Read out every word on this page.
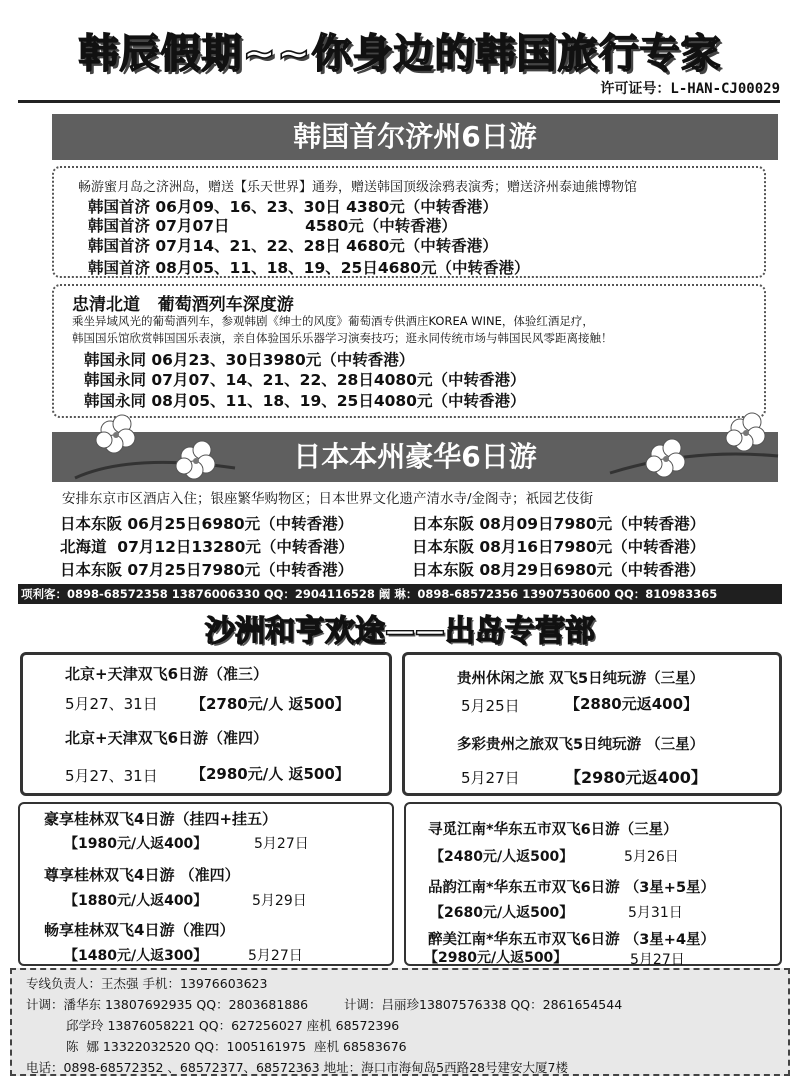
韩辰假期~~你身边的韩国旅行专家
许可证号：L-HAN-CJ00029
韩国首尔济州6日游
畅游蜜月岛之济洲岛，赠送【乐天世界】通券，赠送韩国顶级涂鸦表演秀；赠送济州泰迪熊博物馆
韩国首济 06月09、16、23、30日 4380元（中转香港）
韩国首济 07月07日              4580元（中转香港）
韩国首济 07月14、21、22、28日 4680元（中转香港）
韩国首济 08月05、11、18、19、25日4680元（中转香港）
忠清北道   葡萄酒列车深度游
乘坐异域风光的葡萄酒列车，参观韩剧《绅士的风度》葡萄酒专供酒庄KOREA WINE，体验红酒足疗，
韩国国乐馆欣赏韩国国乐表演，亲自体验国乐乐器学习演奏技巧；逛永同传统市场与韩国民风零距离接触！
韩国永同 06月23、30日3980元（中转香港）
韩国永同 07月07、14、21、22、28日4080元（中转香港）
韩国永同 08月05、11、18、19、25日4080元（中转香港）
日本本州豪华6日游
安排东京市区酒店入住；银座繁华购物区；日本世界文化遗产清水寺/金阁寺；祇园艺伎街
日本东阪 06月25日6980元（中转香港）
北海道  07月12日13280元（中转香港）
日本东阪 07月25日7980元（中转香港）
日本东阪 08月09日7980元（中转香港）
日本东阪 08月16日7980元（中转香港）
日本东阪 08月29日6980元（中转香港）
项利客：0898-68572358 13876006330 QQ：2904116528 阚 琳：0898-68572356 13907530600 QQ：810983365
沙洲和亨欢途——出岛专营部
北京+天津双飞6日游（准三）
5月27、31日 【2780元/人 返500】
北京+天津双飞6日游（准四）
5月27、31日 【2980元/人 返500】
贵州休闲之旅 双飞5日纯玩游（三星）
5月25日	【2880元返400】
多彩贵州之旅双飞5日纯玩游 （三星）
5月27日	【2980元返400】
豪享桂林双飞4日游（挂四+挂五）
【1980元/人返400】	5月27日
尊享桂林双飞4日游 （准四）
【1880元/人返400】	5月29日
畅享桂林双飞4日游（准四）
【1480元/人返300】	5月27日
寻觅江南*华东五市双飞6日游（三星）
【2480元/人返500】	5月26日
品韵江南*华东五市双飞6日游 （3星+5星）
【2680元/人返500】	5月31日
醉美江南*华东五市双飞6日游 （3星+4星）
【2980元/人返500】	5月27日
专线负责人：王杰强 手机：13976603623
计调：潘华东 13807692935 QQ：2803681886	计调：吕丽珍13807576338 QQ：2861654544
邱学玲 13876058221 QQ：627256027 座机 68572396
陈  娜 13322032520 QQ：1005161975  座机 68583676
电话：0898-68572352 、68572377、68572363 地址：海口市海甸岛5西路28号建安大厦7楼
